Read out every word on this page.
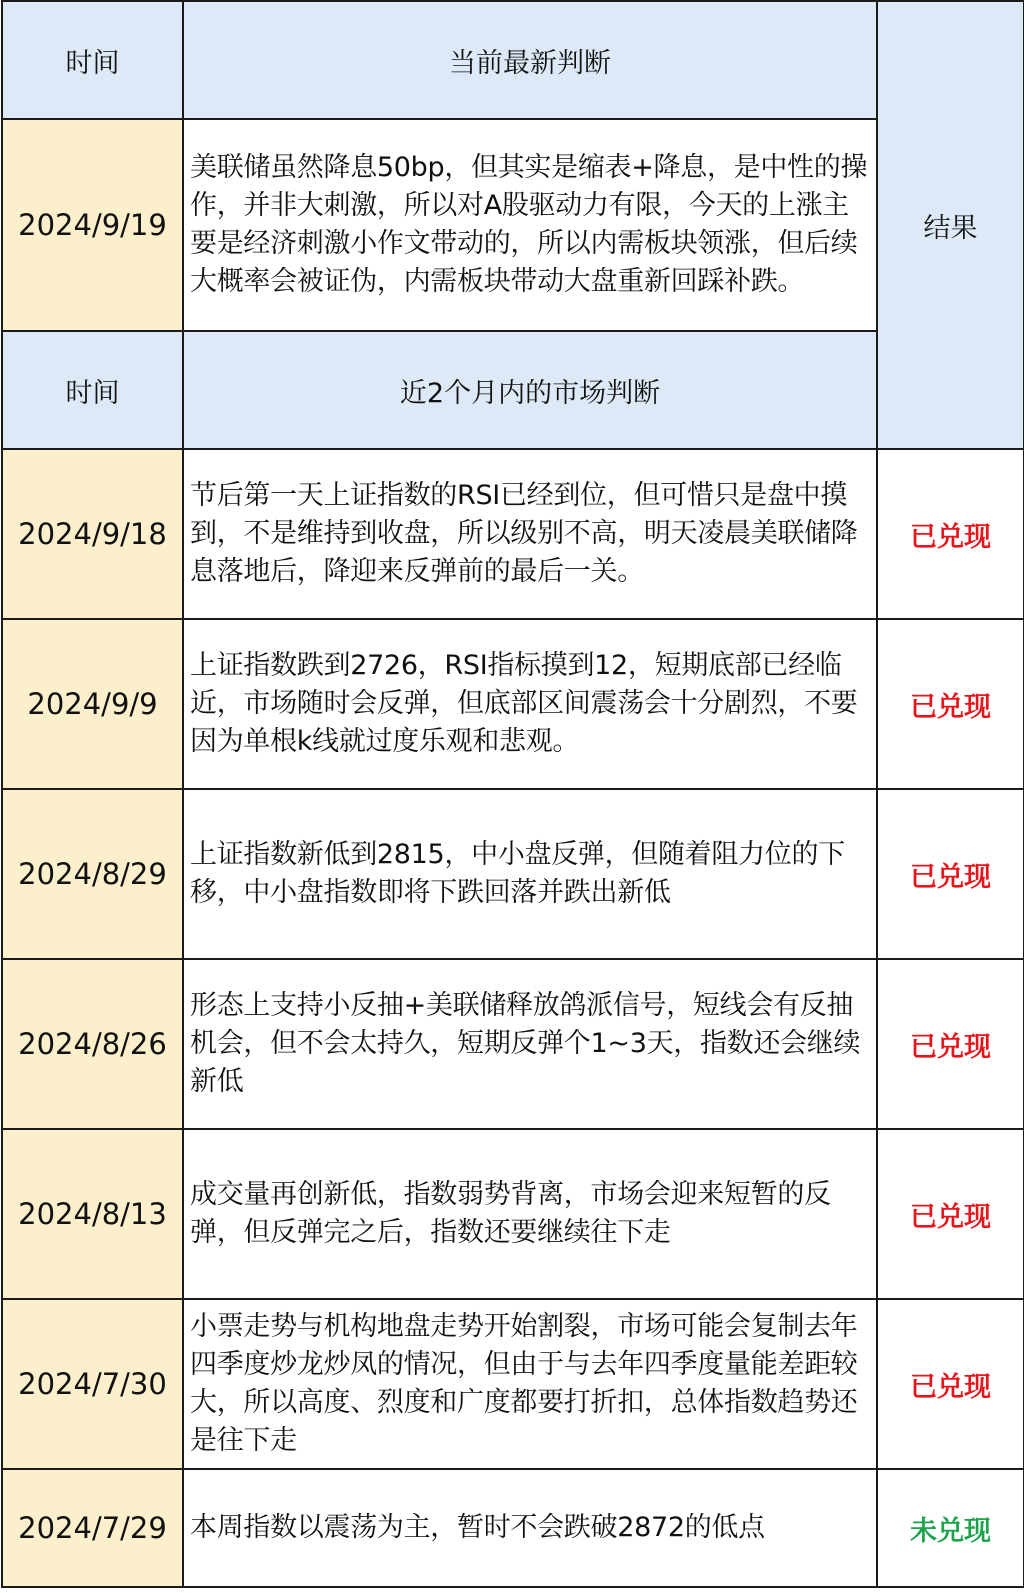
时间	当前最新判断	结果
2024/9/19	美联储虽然降息50bp，但其实是缩表+降息，是中性的操作，并非大刺激，所以对A股驱动力有限，今天的上涨主要是经济刺激小作文带动的，所以内需板块领涨，但后续大概率会被证伪，内需板块带动大盘重新回踩补跌。	
时间	近2个月内的市场判断	
2024/9/18	节后第一天上证指数的RSI已经到位，但可惜只是盘中摸到，不是维持到收盘，所以级别不高，明天凌晨美联储降息落地后，降迎来反弹前的最后一关。	已兑现
2024/9/9	上证指数跌到2726，RSI指标摸到12，短期底部已经临近，市场随时会反弹，但底部区间震荡会十分剧烈，不要因为单根k线就过度乐观和悲观。	已兑现
2024/8/29	上证指数新低到2815，中小盘反弹，但随着阻力位的下移，中小盘指数即将下跌回落并跌出新低	已兑现
2024/8/26	形态上支持小反抽+美联储释放鸽派信号，短线会有反抽机会，但不会太持久，短期反弹个1~3天，指数还会继续新低	已兑现
2024/8/13	成交量再创新低，指数弱势背离，市场会迎来短暂的反弹，但反弹完之后，指数还要继续往下走	已兑现
2024/7/30	小票走势与机构地盘走势开始割裂，市场可能会复制去年四季度炒龙炒凤的情况，但由于与去年四季度量能差距较大，所以高度、烈度和广度都要打折扣，总体指数趋势还是往下走	已兑现
2024/7/29	本周指数以震荡为主，暂时不会跌破2872的低点	未兑现
